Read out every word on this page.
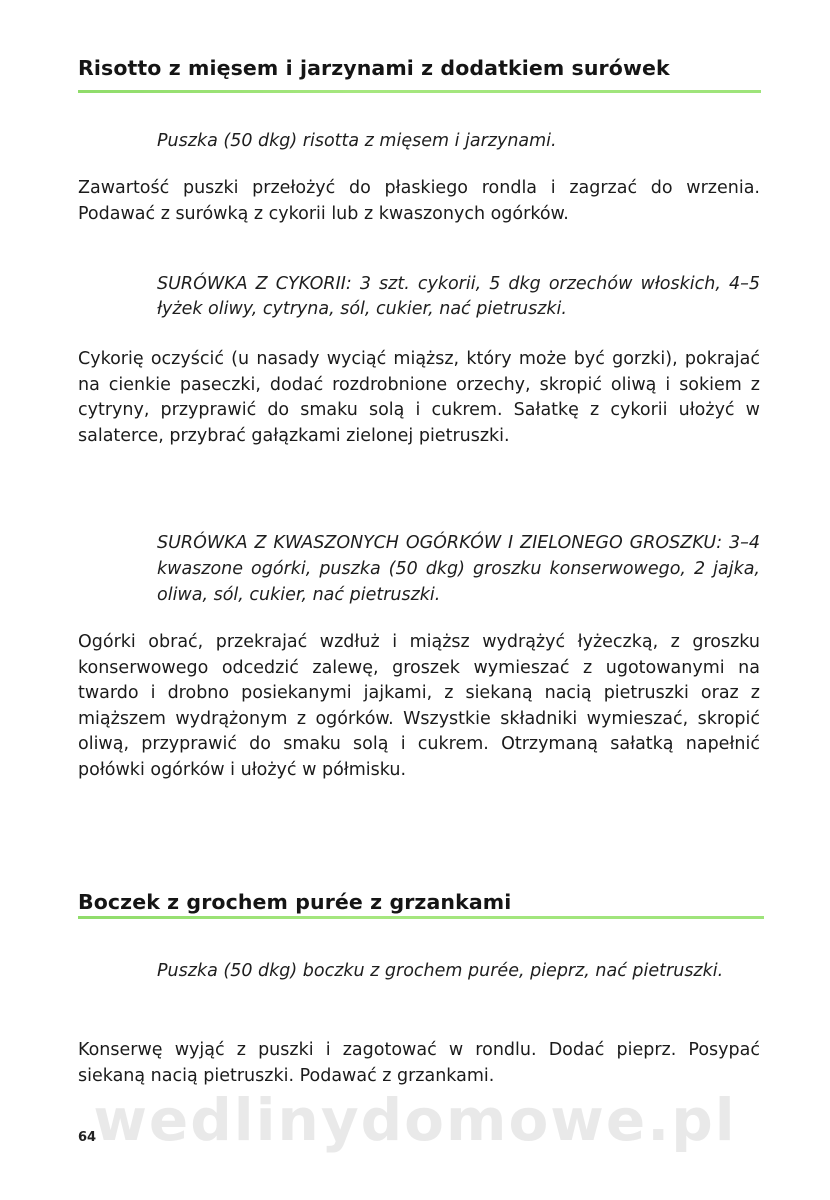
Risotto z mięsem i jarzynami z dodatkiem surówek

Puszka (50 dkg) risotta z mięsem i jarzynami.

Zawartość puszki przełożyć do płaskiego rondla i zagrzać do wrzenia. Podawać z surówką z cykorii lub z kwaszonych ogórków.

SURÓWKA Z CYKORII: 3 szt. cykorii, 5 dkg orzechów włoskich, 4–5 łyżek oliwy, cytryna, sól, cukier, nać pietruszki.

Cykorię oczyścić (u nasady wyciąć miąższ, który może być gorzki), pokrajać na cienkie paseczki, dodać rozdrobnione orzechy, skropić oliwą i sokiem z cytryny, przyprawić do smaku solą i cukrem. Sałatkę z cykorii ułożyć w salaterce, przybrać gałązkami zielonej pietruszki.

SURÓWKA Z KWASZONYCH OGÓRKÓW I ZIELONEGO GROSZKU: 3–4 kwaszone ogórki, puszka (50 dkg) groszku konserwowego, 2 jajka, oliwa, sól, cukier, nać pietruszki.

Ogórki obrać, przekrajać wzdłuż i miąższ wydrążyć łyżeczką, z groszku konserwowego odcedzić zalewę, groszek wymieszać z ugotowanymi na twardo i drobno posiekanymi jajkami, z siekaną nacią pietruszki oraz z miąższem wydrążonym z ogórków. Wszystkie składniki wymieszać, skropić oliwą, przyprawić do smaku solą i cukrem. Otrzymaną sałatką napełnić połówki ogórków i ułożyć w półmisku.

Boczek z grochem purée z grzankami

Puszka (50 dkg) boczku z grochem purée, pieprz, nać pietruszki.

Konserwę wyjąć z puszki i zagotować w rondlu. Dodać pieprz. Posypać siekaną nacią pietruszki. Podawać z grzankami.

wedlinydomowe.pl

64
